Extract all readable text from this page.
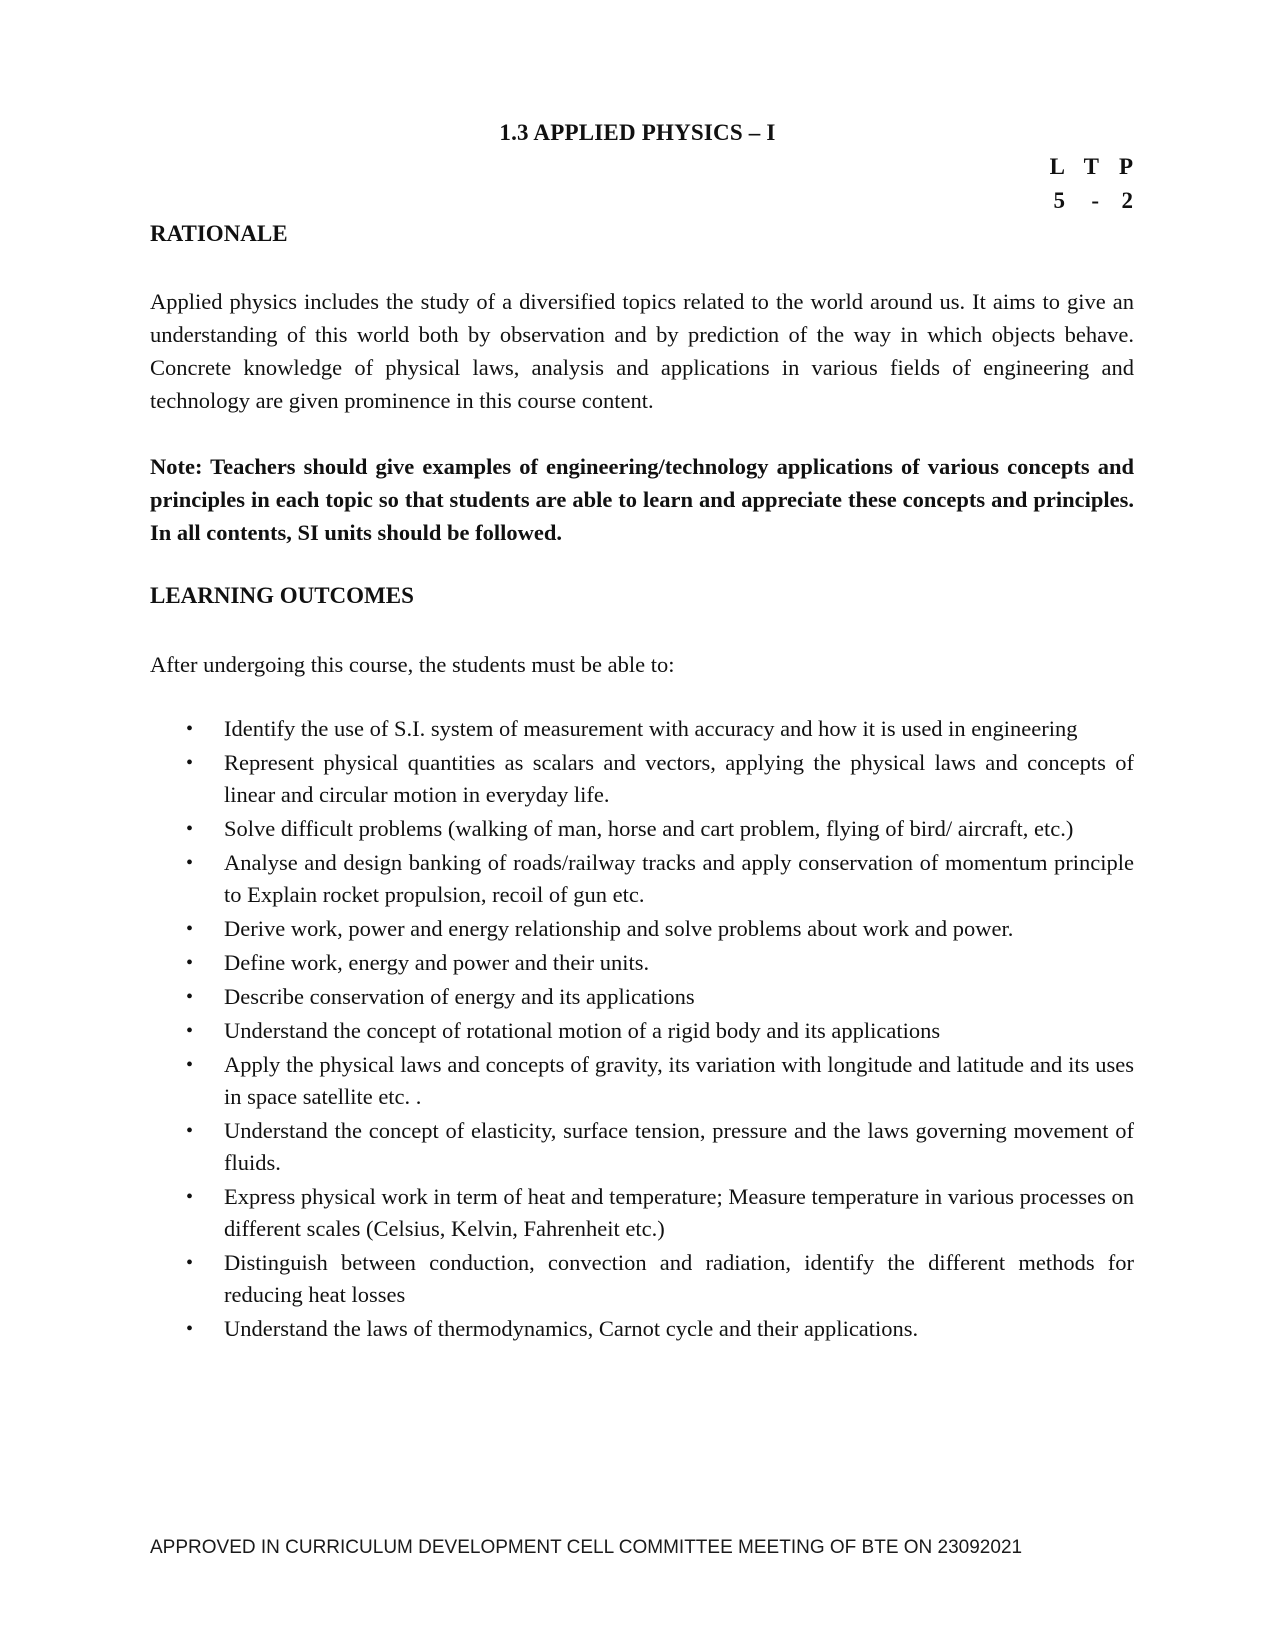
1.3 APPLIED PHYSICS – I
L T P
5	- 2
RATIONALE
Applied physics includes the study of a diversified topics related to the world around us. It aims to give an understanding of this world both by observation and by prediction of the way in which objects behave. Concrete knowledge of physical laws, analysis and applications in various fields of engineering and technology are given prominence in this course content.
Note: Teachers should give examples of engineering/technology applications of various concepts and principles in each topic so that students are able to learn and appreciate these concepts and principles. In all contents, SI units should be followed.
LEARNING OUTCOMES
After undergoing this course, the students must be able to:
• Identify the use of S.I. system of measurement with accuracy and how it is used in engineering
• Represent physical quantities as scalars and vectors, applying the physical laws and concepts of linear and circular motion in everyday life.
• Solve difficult problems (walking of man, horse and cart problem, flying of bird/ aircraft, etc.)
• Analyse and design banking of roads/railway tracks and apply conservation of momentum principle to Explain rocket propulsion, recoil of gun etc.
• Derive work, power and energy relationship and solve problems about work and power.
• Define work, energy and power and their units.
• Describe conservation of energy and its applications
• Understand the concept of rotational motion of a rigid body and its applications
• Apply the physical laws and concepts of gravity, its variation with longitude and latitude and its uses in space satellite etc. .
• Understand the concept of elasticity, surface tension, pressure and the laws governing movement of fluids.
• Express physical work in term of heat and temperature; Measure temperature in various processes on different scales (Celsius, Kelvin, Fahrenheit etc.)
• Distinguish between conduction, convection and radiation, identify the different methods for reducing heat losses
• Understand the laws of thermodynamics, Carnot cycle and their applications.
APPROVED IN CURRICULUM DEVELOPMENT CELL COMMITTEE MEETING OF BTE ON 23092021
